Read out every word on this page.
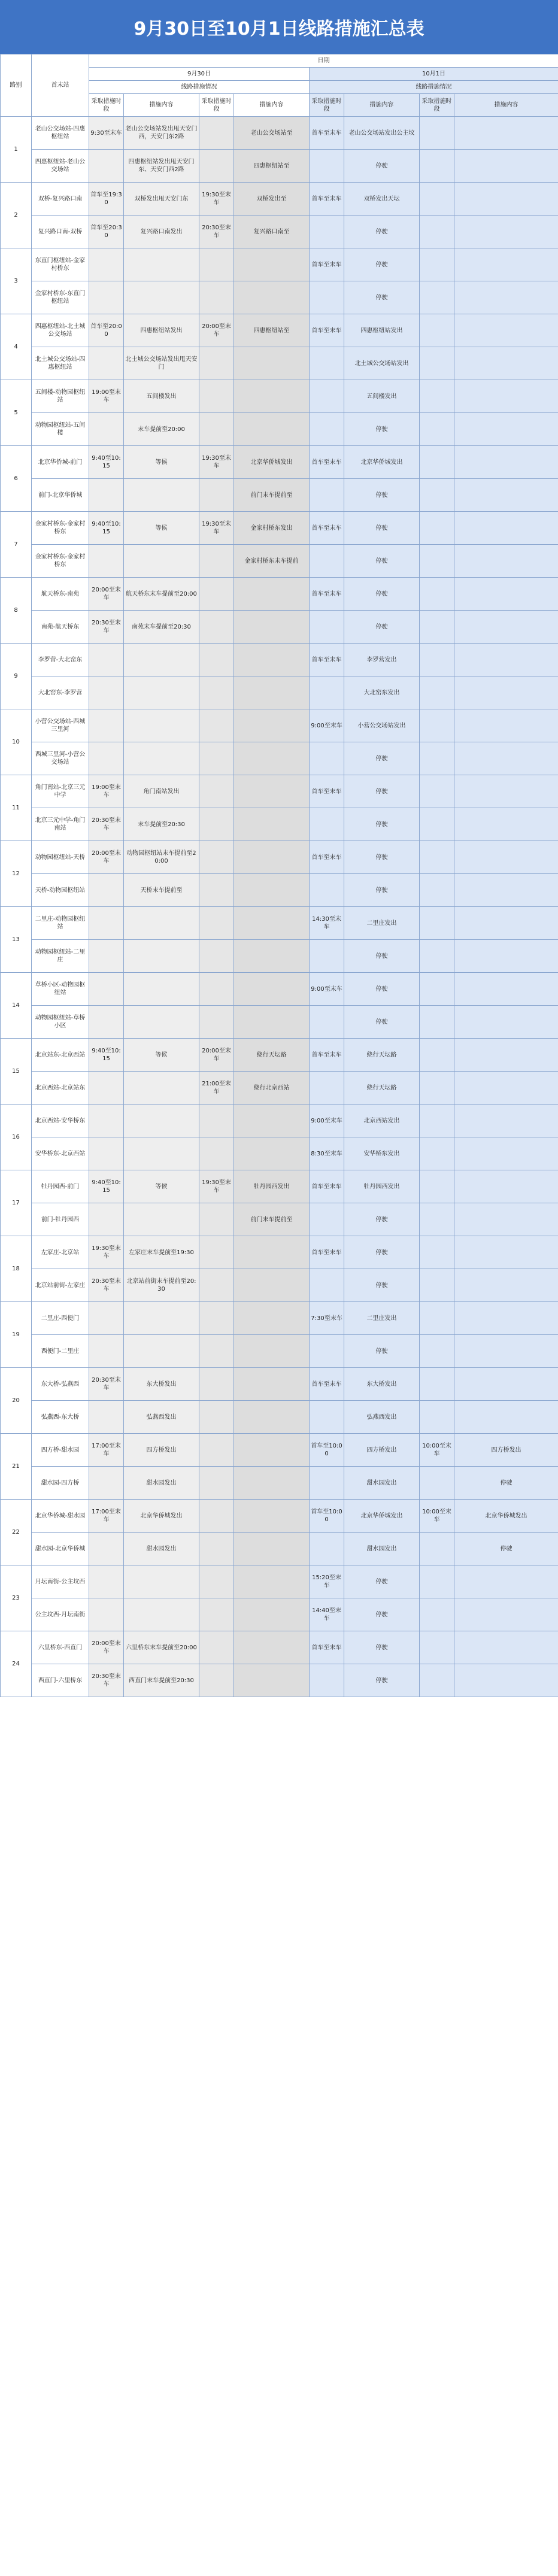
9月30日至10月1日线路措施汇总表
路别	首末站	日期							
		9月30日				10月1日			
		线路措施情况				线路措施情况			
		采取措施时段	措施内容	采取措施时段	措施内容	采取措施时段	措施内容	采取措施时段	措施内容
1	老山公交场站-四惠枢纽站	9:30至末车	老山公交场站发出甩天安门西，天安门东2路		老山公交场站至	首车至末车	老山公交场站发出公主坟		
	四惠枢纽站-老山公交场站		四惠枢纽站发出甩天安门东、天安门西2路		四惠枢纽站至		停驶		
2	双桥-复兴路口南	首车至19:30	双桥发出甩天安门东	19:30至末车	双桥发出至	首车至末车	双桥发出天坛		
	复兴路口南-双桥	首车至20:30	复兴路口南发出	20:30至末车	复兴路口南至		停驶		
3	东直门枢纽站-金家村桥东					首车至末车	停驶		
	金家村桥东-东直门枢纽站						停驶		
4	四惠枢纽站-北土城公交场站	首车至20:00	四惠枢纽站发出	20:00至末车	四惠枢纽站至	首车至末车	四惠枢纽站发出		
	北土城公交场站-四惠枢纽站		北土城公交场站发出甩天安门				北土城公交场站发出		
5	五间楼-动物园枢纽站	19:00至末车	五间楼发出				五间楼发出		
	动物园枢纽站-五间楼		末车提前至20:00				停驶		
6	北京华侨城-前门	9:40至10:15	等候	19:30至末车	北京华侨城发出	首车至末车	北京华侨城发出		
	前门-北京华侨城				前门末车提前至		停驶		
7	金家村桥东-金家村桥东	9:40至10:15	等候	19:30至末车	金家村桥东发出	首车至末车	停驶		
	金家村桥东-金家村桥东				金家村桥东末车提前		停驶		
8	航天桥东-南苑	20:00至末车	航天桥东末车提前至20:00			首车至末车	停驶		
	南苑-航天桥东	20:30至末车	南苑末车提前至20:30				停驶		
9	李罗营-大北窑东					首车至末车	李罗营发出		
	大北窑东-李罗营						大北窑东发出		
10	小营公交场站-西城三里河					9:00至末车	小营公交场站发出		
	西城三里河-小营公交场站						停驶		
11	角门南站-北京三元中学	19:00至末车	角门南站发出			首车至末车	停驶		
	北京三元中学-角门南站	20:30至末车	末车提前至20:30				停驶		
12	动物园枢纽站-天桥	20:00至末车	动物园枢纽站末车提前至20:00			首车至末车	停驶		
	天桥-动物园枢纽站		天桥末车提前至				停驶		
13	二里庄-动物园枢纽站					14:30至末车	二里庄发出		
	动物园枢纽站-二里庄						停驶		
14	草桥小区-动物园枢纽站					9:00至末车	停驶		
	动物园枢纽站-草桥小区						停驶		
15	北京站东-北京西站	9:40至10:15	等候	20:00至末车	绕行天坛路	首车至末车	绕行天坛路		
	北京西站-北京站东			21:00至末车	绕行北京西站		绕行天坛路		
16	北京西站-安华桥东					9:00至末车	北京西站发出		
	安华桥东-北京西站					8:30至末车	安华桥东发出		
17	牡丹园西-前门	9:40至10:15	等候	19:30至末车	牡丹园西发出	首车至末车	牡丹园西发出		
	前门-牡丹园西				前门末车提前至		停驶		
18	左家庄-北京站	19:30至末车	左家庄末车提前至19:30			首车至末车	停驶		
	北京站前街-左家庄	20:30至末车	北京站前街末车提前至20:30				停驶		
19	二里庄-西便门					7:30至末车	二里庄发出		
	西便门-二里庄						停驶		
20	东大桥-弘燕西	20:30至末车	东大桥发出			首车至末车	东大桥发出		
	弘燕西-东大桥		弘燕西发出				弘燕西发出		
21	四方桥-甜水园	17:00至末车	四方桥发出			首车至10:00	四方桥发出	10:00至末车	四方桥发出
	甜水园-四方桥		甜水园发出				甜水园发出		停驶
22	北京华侨城-甜水园	17:00至末车	北京华侨城发出			首车至10:00	北京华侨城发出	10:00至末车	北京华侨城发出
	甜水园-北京华侨城		甜水园发出				甜水园发出		停驶
23	月坛南街-公主坟西					15:20至末车	停驶		
	公主坟西-月坛南街					14:40至末车	停驶		
24	六里桥东-西直门	20:00至末车	六里桥东末车提前至20:00			首车至末车	停驶		
	西直门-六里桥东	20:30至末车	西直门末车提前至20:30				停驶		
